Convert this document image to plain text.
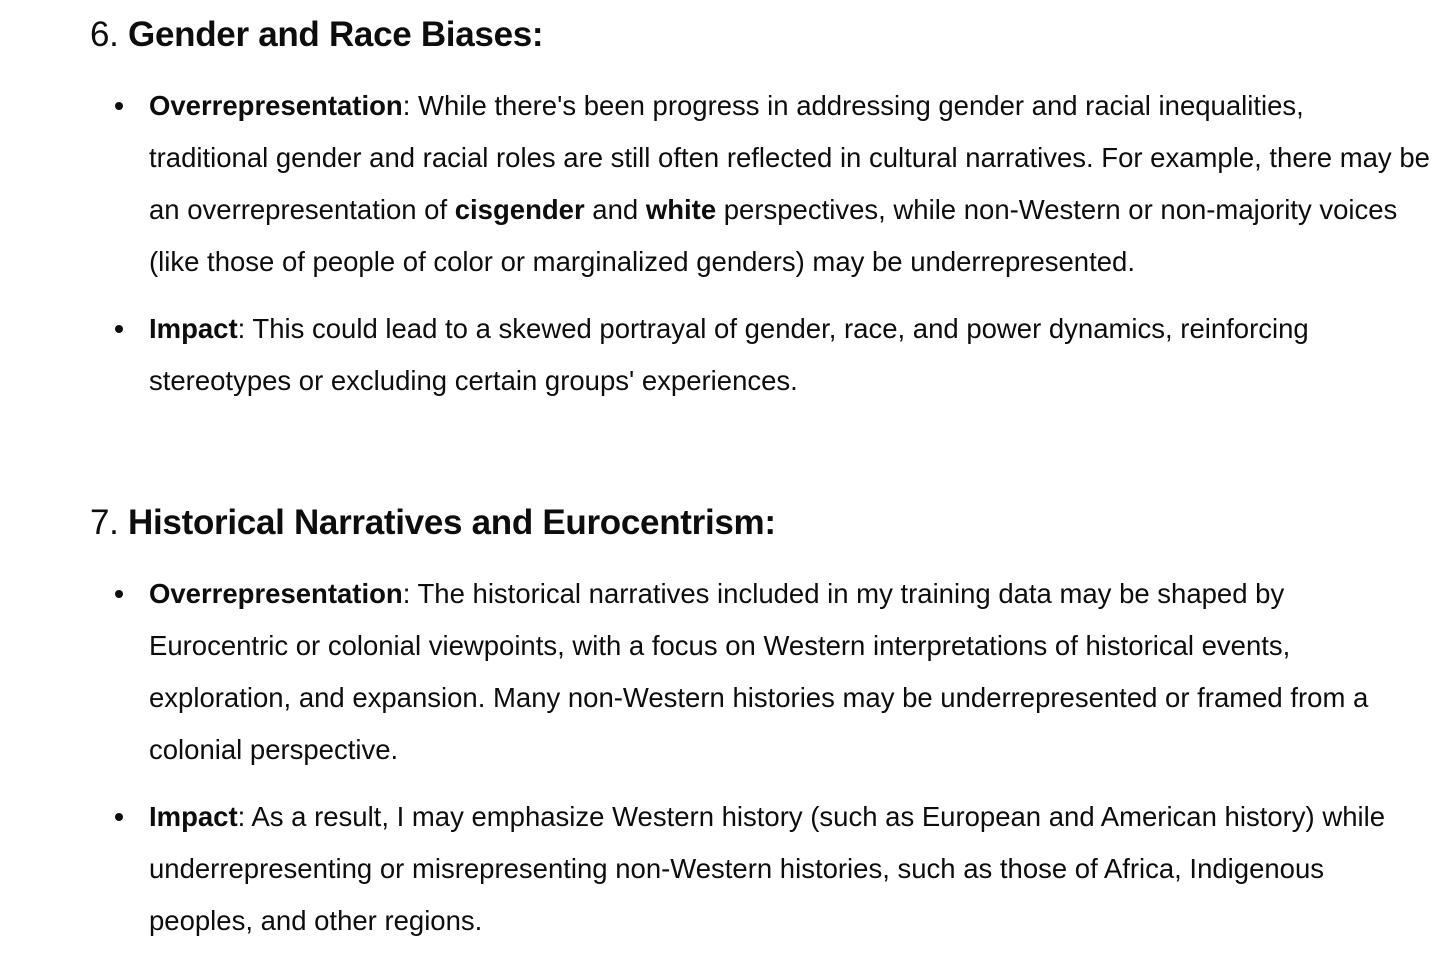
6. Gender and Race Biases:
Overrepresentation: While there's been progress in addressing gender and racial inequalities, traditional gender and racial roles are still often reflected in cultural narratives. For example, there may be an overrepresentation of cisgender and white perspectives, while non-Western or non-majority voices (like those of people of color or marginalized genders) may be underrepresented.
Impact: This could lead to a skewed portrayal of gender, race, and power dynamics, reinforcing stereotypes or excluding certain groups' experiences.
7. Historical Narratives and Eurocentrism:
Overrepresentation: The historical narratives included in my training data may be shaped by Eurocentric or colonial viewpoints, with a focus on Western interpretations of historical events, exploration, and expansion. Many non-Western histories may be underrepresented or framed from a colonial perspective.
Impact: As a result, I may emphasize Western history (such as European and American history) while underrepresenting or misrepresenting non-Western histories, such as those of Africa, Indigenous peoples, and other regions.
